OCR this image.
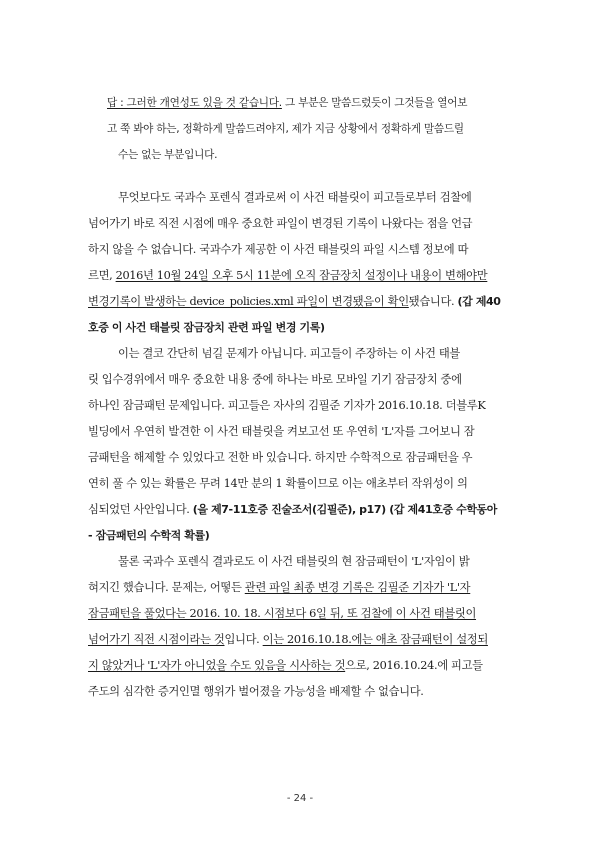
답 : 그러한 개연성도 있을 것 같습니다. 그 부분은 말씀드렸듯이 그것들을 열어보
고 쭉 봐야 하는, 정확하게 말씀드려야지, 제가 지금 상황에서 정확하게 말씀드릴
수는 없는 부분입니다.
무엇보다도 국과수 포렌식 결과로써 이 사건 태블릿이 피고들로부터 검찰에
넘어가기 바로 직전 시점에 매우 중요한 파일이 변경된 기록이 나왔다는 점을 언급
하지 않을 수 없습니다. 국과수가 제공한 이 사건 태블릿의 파일 시스템 정보에 따
르면, 2016년 10월 24일 오후 5시 11분에 오직 잠금장치 설정이나 내용이 변해야만
변경기록이 발생하는 device_policies.xml 파일이 변경됐음이 확인됐습니다. (갑 제40
호증 이 사건 태블릿 잠금장치 관련 파일 변경 기록)
이는 결코 간단히 넘길 문제가 아닙니다. 피고들이 주장하는 이 사건 태블
릿 입수경위에서 매우 중요한 내용 중에 하나는 바로 모바일 기기 잠금장치 중에
하나인 잠금패턴 문제입니다. 피고들은 자사의 김필준 기자가 2016.10.18. 더블루K
빌딩에서 우연히 발견한 이 사건 태블릿을 켜보고선 또 우연히 'L'자를 그어보니 잠
금패턴을 해제할 수 있었다고 전한 바 있습니다. 하지만 수학적으로 잠금패턴을 우
연히 풀 수 있는 확률은 무려 14만 분의 1 확률이므로 이는 애초부터 작위성이 의
심되었던 사안입니다. (을 제7-11호증 진술조서(김필준), p17) (갑 제41호증 수학동아
- 잠금패턴의 수학적 확률)
물론 국과수 포렌식 결과로도 이 사건 태블릿의 현 잠금패턴이 'L'자임이 밝
혀지긴 했습니다. 문제는, 어떻든 관련 파일 최종 변경 기록은 김필준 기자가 'L'자
잠금패턴을 풀었다는 2016. 10. 18. 시점보다 6일 뒤, 또 검찰에 이 사건 태블릿이
넘어가기 직전 시점이라는 것입니다. 이는 2016.10.18.에는 애초 잠금패턴이 설정되
지 않았거나 'L'자가 아니었을 수도 있음을 시사하는 것으로, 2016.10.24.에 피고들
주도의 심각한 증거인멸 행위가 벌어졌을 가능성을 배제할 수 없습니다.
- 24 -
